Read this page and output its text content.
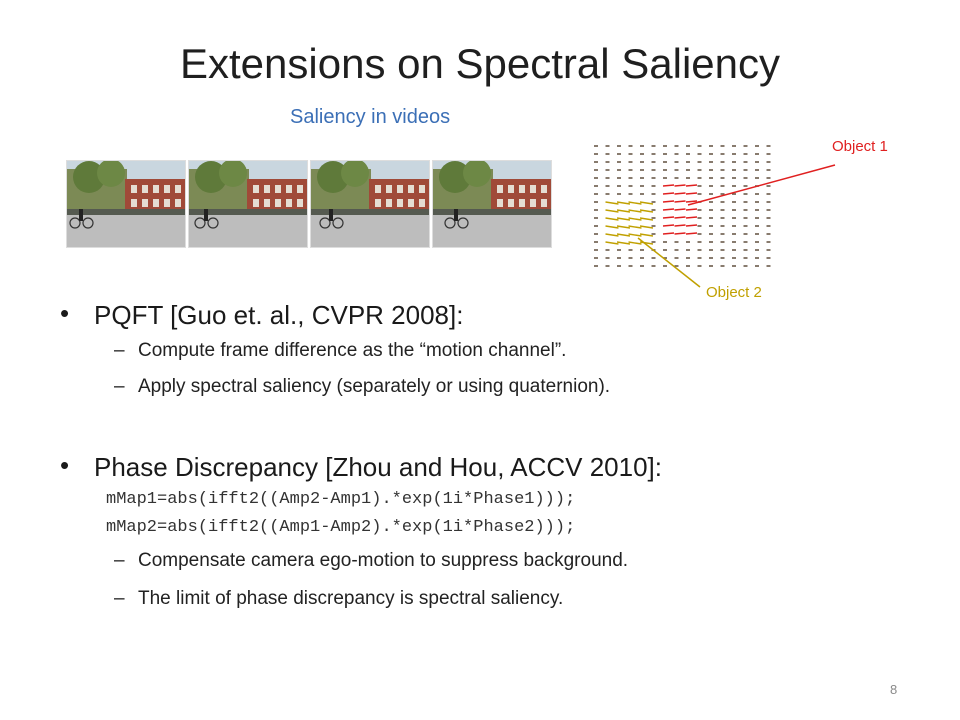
Extensions on Spectral Saliency
Saliency in videos
Object 1
Object 2
• PQFT [Guo et. al., CVPR 2008]:
– Compute frame difference as the “motion channel”.
– Apply spectral saliency (separately or using quaternion).
• Phase Discrepancy [Zhou and Hou, ACCV 2010]:
mMap1=abs(ifft2((Amp2-Amp1).*exp(1i*Phase1)));
mMap2=abs(ifft2((Amp1-Amp2).*exp(1i*Phase2)));
– Compensate camera ego-motion to suppress background.
– The limit of phase discrepancy is spectral saliency.
8
